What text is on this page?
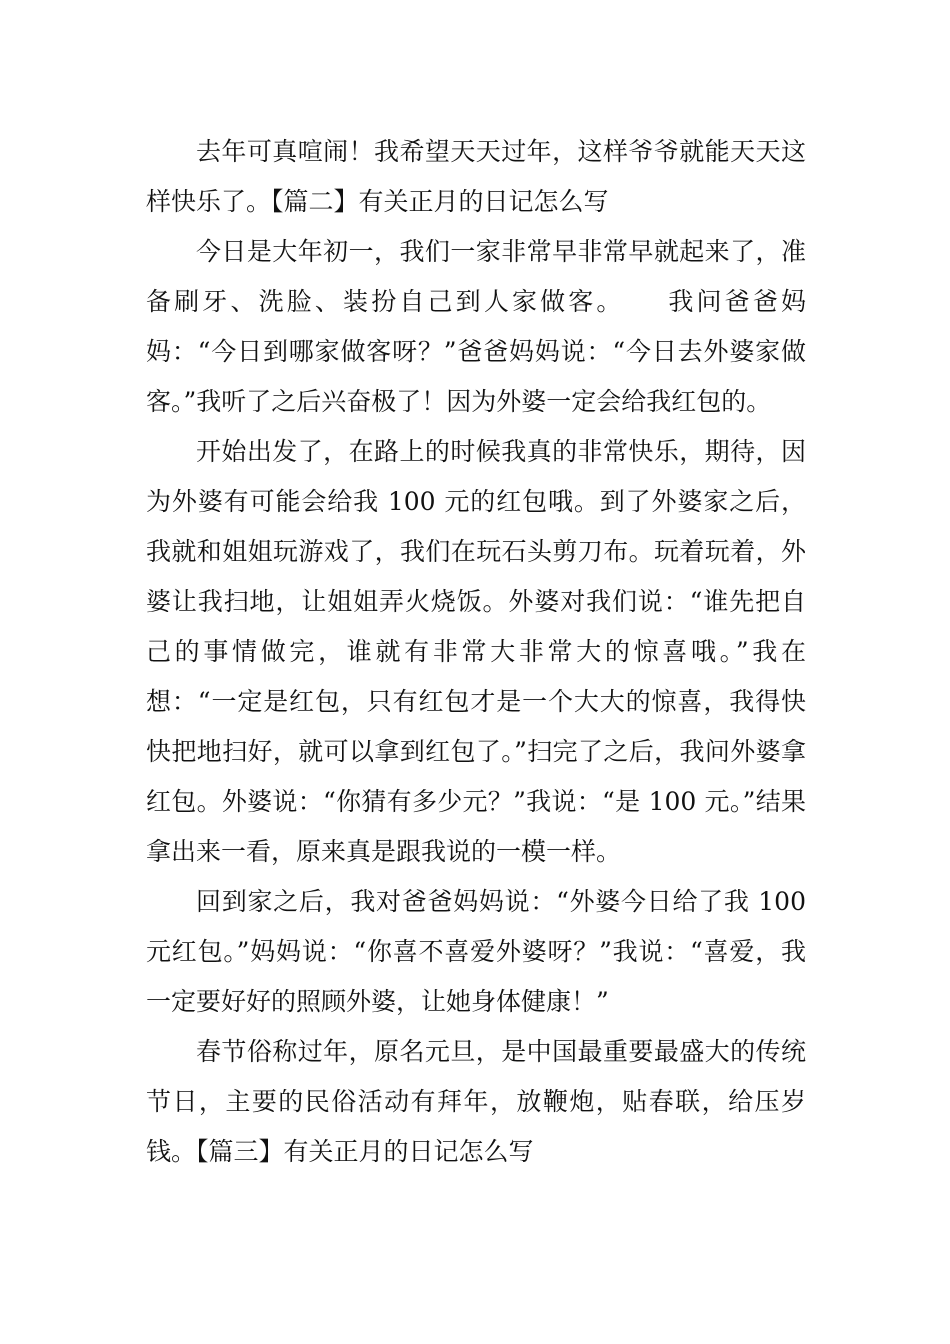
去年可真喧闹！我希望天天过年，这样爷爷就能天天这样快乐了。【篇二】有关正月的日记怎么写

今日是大年初一，我们一家非常早非常早就起来了，准备刷牙、洗脸、装扮自己到人家做客。　　我问爸爸妈妈：“今日到哪家做客呀？”爸爸妈妈说：“今日去外婆家做客。”我听了之后兴奋极了！因为外婆一定会给我红包的。

开始出发了，在路上的时候我真的非常快乐，期待，因为外婆有可能会给我 100 元的红包哦。到了外婆家之后，我就和姐姐玩游戏了，我们在玩石头剪刀布。玩着玩着，外婆让我扫地，让姐姐弄火烧饭。外婆对我们说：“谁先把自己的事情做完，谁就有非常大非常大的惊喜哦。”我在想：“一定是红包，只有红包才是一个大大的惊喜，我得快快把地扫好，就可以拿到红包了。”扫完了之后，我问外婆拿红包。外婆说：“你猜有多少元？”我说：“是 100 元。”结果拿出来一看，原来真是跟我说的一模一样。

回到家之后，我对爸爸妈妈说：“外婆今日给了我 100 元红包。”妈妈说：“你喜不喜爱外婆呀？”我说：“喜爱，我一定要好好的照顾外婆，让她身体健康！”

春节俗称过年，原名元旦，是中国最重要最盛大的传统节日，主要的民俗活动有拜年，放鞭炮，贴春联，给压岁钱。【篇三】有关正月的日记怎么写
